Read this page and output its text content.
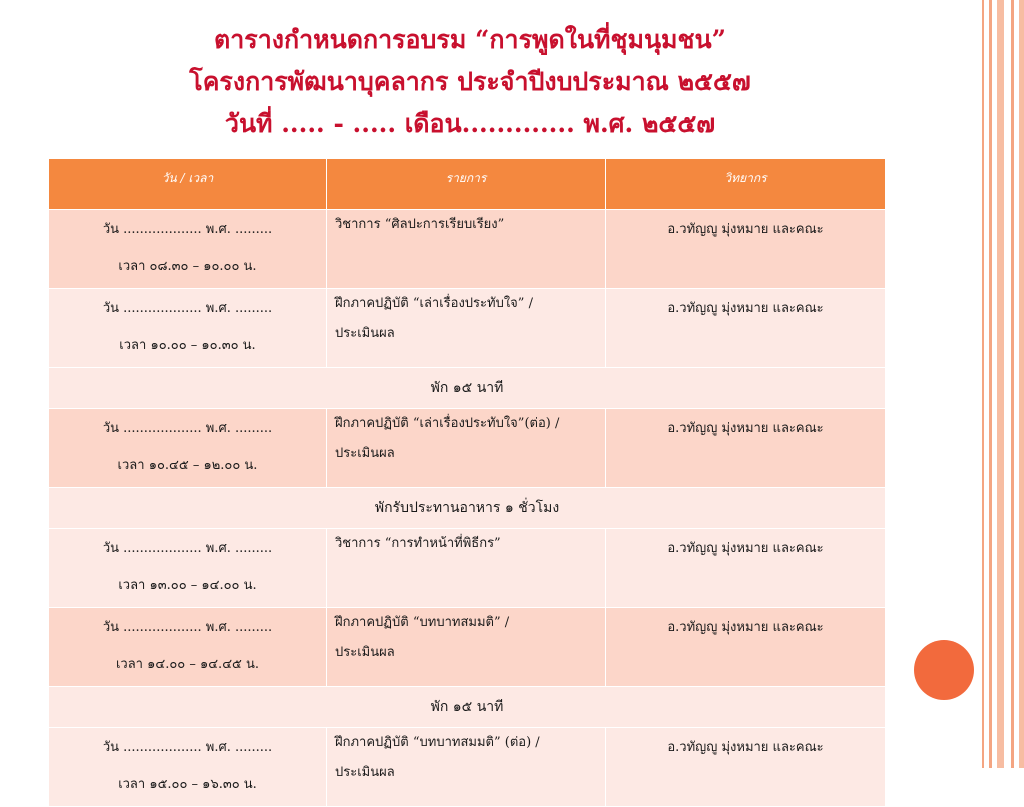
ตารางกำหนดการอบรม “การพูดในที่ชุมนุมชน”
โครงการพัฒนาบุคลากร ประจำปีงบประมาณ ๒๕๕๗
วันที่ ..... - ..... เดือน............. พ.ศ. ๒๕๕๗
วัน / เวลา	รายการ	วิทยากร

วัน ................... พ.ศ. .........
เวลา ๐๘.๓๐ – ๑๐.๐๐ น.	วิชาการ “ศิลปะการเรียบเรียง”	อ.วทัญญู มุ่งหมาย และคณะ

วัน ................... พ.ศ. .........
เวลา ๑๐.๐๐ – ๑๐.๓๐ น.	ฝึกภาคปฏิบัติ “เล่าเรื่องประทับใจ” /
ประเมินผล	อ.วทัญญู มุ่งหมาย และคณะ
พัก ๑๕ นาที		

วัน ................... พ.ศ. .........
เวลา ๑๐.๔๕ – ๑๒.๐๐ น.	ฝึกภาคปฏิบัติ “เล่าเรื่องประทับใจ”(ต่อ) /
ประเมินผล	อ.วทัญญู มุ่งหมาย และคณะ
พักรับประทานอาหาร ๑ ชั่วโมง		

วัน ................... พ.ศ. .........
เวลา ๑๓.๐๐ – ๑๔.๐๐ น.	วิชาการ “การทำหน้าที่พิธีกร”	อ.วทัญญู มุ่งหมาย และคณะ

วัน ................... พ.ศ. .........
เวลา ๑๔.๐๐ – ๑๔.๔๕ น.	ฝึกภาคปฏิบัติ “บทบาทสมมติ” /
ประเมินผล	อ.วทัญญู มุ่งหมาย และคณะ
พัก ๑๕ นาที		

วัน ................... พ.ศ. .........
เวลา ๑๕.๐๐ – ๑๖.๓๐ น.	ฝึกภาคปฏิบัติ “บทบาทสมมติ” (ต่อ) /
ประเมินผล	อ.วทัญญู มุ่งหมาย และคณะ
